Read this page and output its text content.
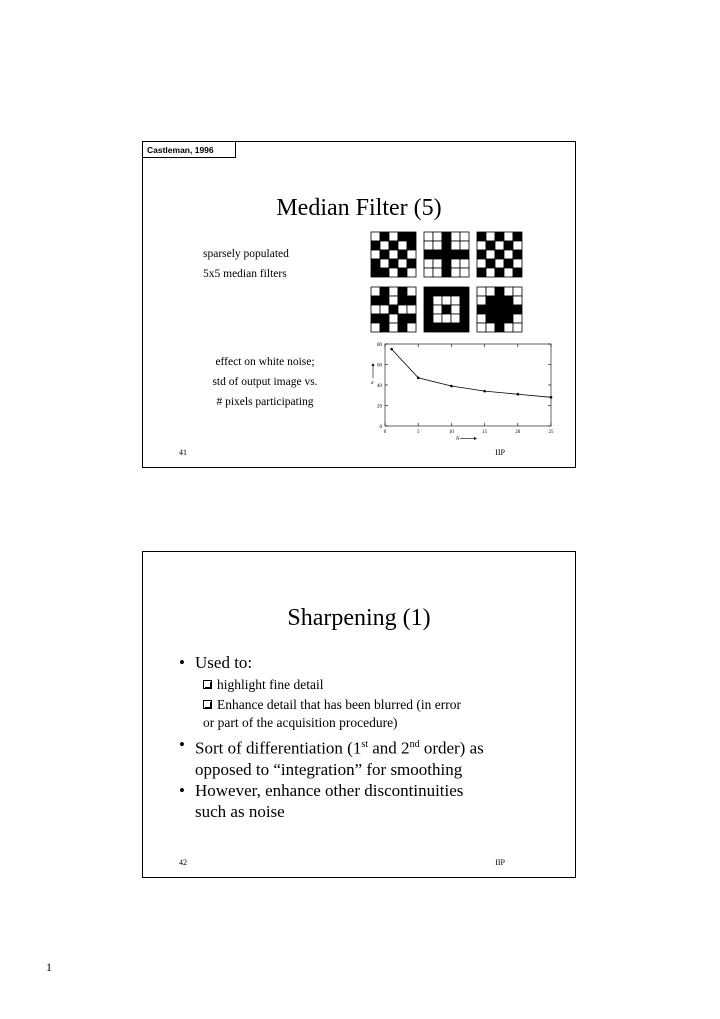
Castleman, 1996
Median Filter (5)
sparsely populated
5x5 median filters
effect on white noise;
std of output image vs.
# pixels participating
0
20
40
60
80
0	5	10	15	20	25
N
σ
41	IIP
Sharpening (1)
• Used to:
highlight fine detail
Enhance detail that has been blurred (in error
or part of the acquisition procedure)
• Sort of differentiation (1st and 2nd order) as
opposed to “integration” for smoothing
• However, enhance other discontinuities
such as noise
42	IIP
1
